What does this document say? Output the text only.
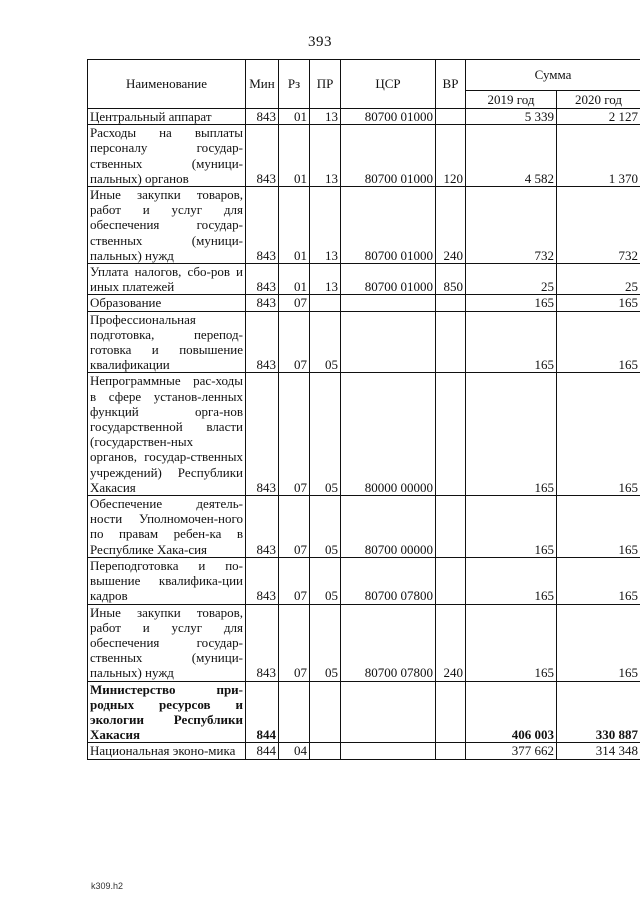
393
Наименование	Мин	Рз	ПР	ЦСР	ВР	Сумма	
						2019 год	2020 год
Центральный аппарат	843	01	13	80700 01000		5 339	2 127
Расходы на выплаты персоналу государ-ственных (муници-пальных) органов	843	01	13	80700 01000	120	4 582	1 370
Иные закупки товаров, работ и услуг для обеспечения государ-ственных (муници-пальных) нужд	843	01	13	80700 01000	240	732	732
Уплата налогов, сбо-ров и иных платежей	843	01	13	80700 01000	850	25	25
Образование	843	07				165	165
Профессиональная подготовка, перепод-готовка и повышение квалификации	843	07	05			165	165
Непрограммные рас-ходы в сфере установ-ленных функций орга-нов государственной власти (государствен-ных органов, государ-ственных учреждений) Республики Хакасия	843	07	05	80000 00000		165	165
Обеспечение деятель-ности Уполномочен-ного по правам ребен-ка в Республике Хака-сия	843	07	05	80700 00000		165	165
Переподготовка и по-вышение квалифика-ции кадров	843	07	05	80700 07800		165	165
Иные закупки товаров, работ и услуг для обеспечения государ-ственных (муници-пальных) нужд	843	07	05	80700 07800	240	165	165
Министерство при-родных ресурсов и экологии Республики Хакасия	844					406 003	330 887
Национальная эконо-мика	844	04				377 662	314 348
k309.h2
